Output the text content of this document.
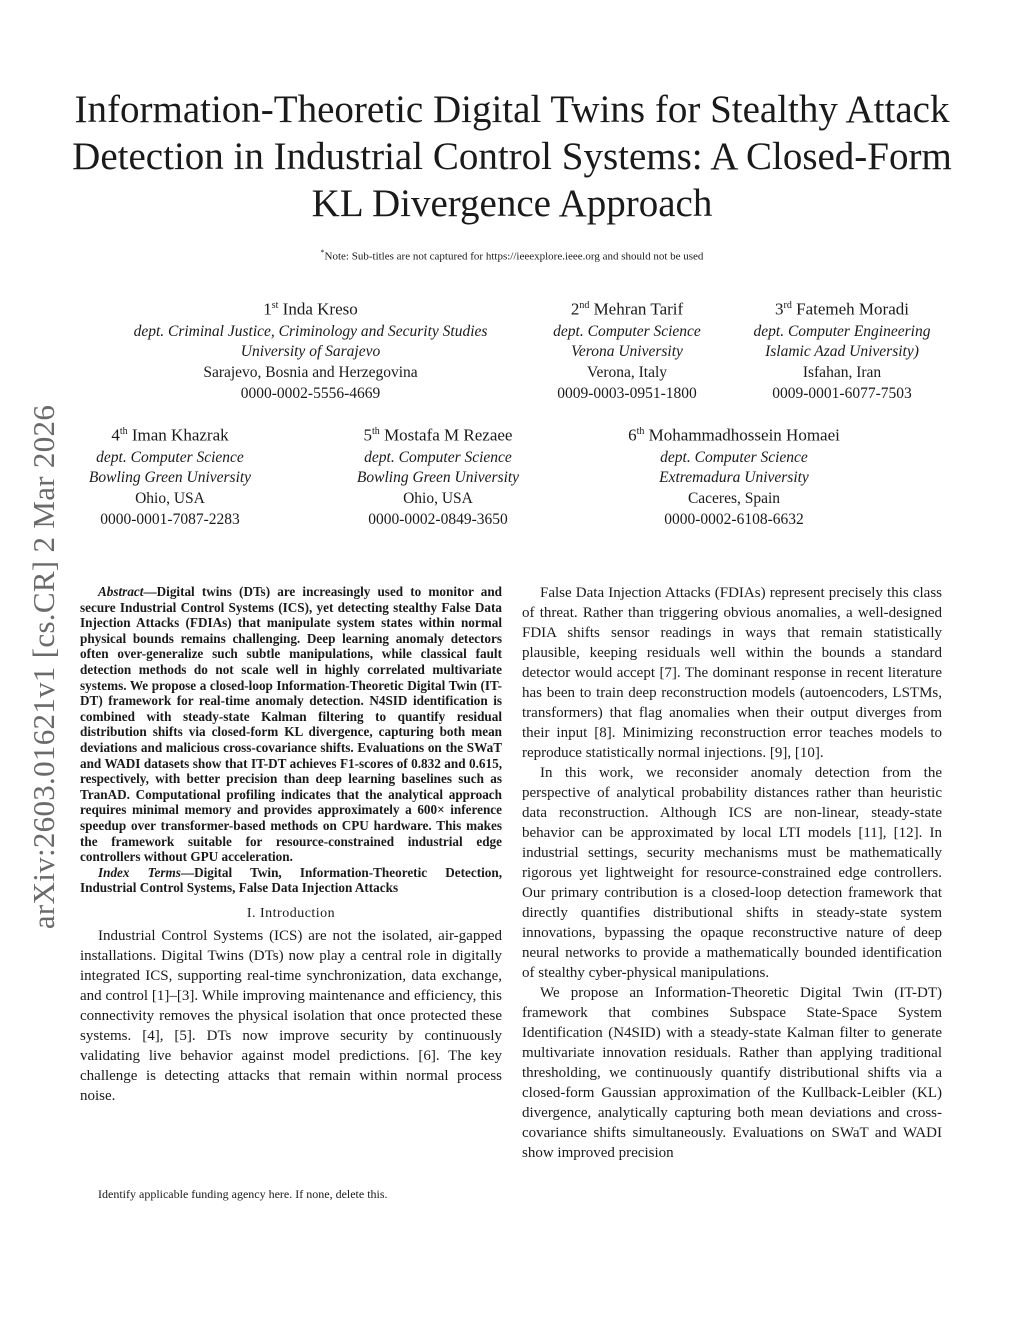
Information-Theoretic Digital Twins for Stealthy Attack Detection in Industrial Control Systems: A Closed-Form KL Divergence Approach
*Note: Sub-titles are not captured for https://ieeexplore.ieee.org and should not be used
1st Inda Kreso
dept. Criminal Justice, Criminology and Security Studies
University of Sarajevo
Sarajevo, Bosnia and Herzegovina
0000-0002-5556-4669
2nd Mehran Tarif
dept. Computer Science
Verona University
Verona, Italy
0009-0003-0951-1800
3rd Fatemeh Moradi
dept. Computer Engineering
Islamic Azad University)
Isfahan, Iran
0009-0001-6077-7503
4th Iman Khazrak
dept. Computer Science
Bowling Green University
Ohio, USA
0000-0001-7087-2283
5th Mostafa M Rezaee
dept. Computer Science
Bowling Green University
Ohio, USA
0000-0002-0849-3650
6th Mohammadhossein Homaei
dept. Computer Science
Extremadura University
Caceres, Spain
0000-0002-6108-6632
arXiv:2603.01621v1 [cs.CR] 2 Mar 2026	Abstract—Digital twins (DTs) are increasingly used to monitor and secure Industrial Control Systems (ICS), yet detecting stealthy False Data Injection Attacks (FDIAs) that manipulate system states within normal physical bounds remains challenging. Deep learning anomaly detectors often over-generalize such subtle manipulations, while classical fault detection methods do not scale well in highly correlated multivariate systems. We propose a closed-loop Information-Theoretic Digital Twin (IT-DT) framework for real-time anomaly detection. N4SID identification is combined with steady-state Kalman filtering to quantify residual distribution shifts via closed-form KL divergence, capturing both mean deviations and malicious cross-covariance shifts. Evaluations on the SWaT and WADI datasets show that IT-DT achieves F1-scores of 0.832 and 0.615, respectively, with better precision than deep learning baselines such as TranAD. Computational profiling indicates that the analytical approach requires minimal memory and provides approximately a 600× inference speedup over transformer-based methods on CPU hardware. This makes the framework suitable for resource-constrained industrial edge controllers without GPU acceleration.

Index Terms—Digital Twin, Information-Theoretic Detection, Industrial Control Systems, False Data Injection Attacks

I. Introduction

Industrial Control Systems (ICS) are not the isolated, air-gapped installations. Digital Twins (DTs) now play a central role in digitally integrated ICS, supporting real-time synchronization, data exchange, and control [1]–[3]. While improving maintenance and efficiency, this connectivity removes the physical isolation that once protected these systems. [4], [5]. DTs now improve security by continuously validating live behavior against model predictions. [6]. The key challenge is detecting attacks that remain within normal process noise.

Identify applicable funding agency here. If none, delete this.

False Data Injection Attacks (FDIAs) represent precisely this class of threat. Rather than triggering obvious anomalies, a well-designed FDIA shifts sensor readings in ways that remain statistically plausible, keeping residuals well within the bounds a standard detector would accept [7]. The dominant response in recent literature has been to train deep reconstruction models (autoencoders, LSTMs, transformers) that flag anomalies when their output diverges from their input [8]. Minimizing reconstruction error teaches models to reproduce statistically normal injections. [9], [10].

In this work, we reconsider anomaly detection from the perspective of analytical probability distances rather than heuristic data reconstruction. Although ICS are non-linear, steady-state behavior can be approximated by local LTI models [11], [12]. In industrial settings, security mechanisms must be mathematically rigorous yet lightweight for resource-constrained edge controllers. Our primary contribution is a closed-loop detection framework that directly quantifies distributional shifts in steady-state system innovations, bypassing the opaque reconstructive nature of deep neural networks to provide a mathematically bounded identification of stealthy cyber-physical manipulations.

We propose an Information-Theoretic Digital Twin (IT-DT) framework that combines Subspace State-Space System Identification (N4SID) with a steady-state Kalman filter to generate multivariate innovation residuals. Rather than applying traditional thresholding, we continuously quantify distributional shifts via a closed-form Gaussian approximation of the Kullback-Leibler (KL) divergence, analytically capturing both mean deviations and cross-covariance shifts simultaneously. Evaluations on SWaT and WADI show improved precision
